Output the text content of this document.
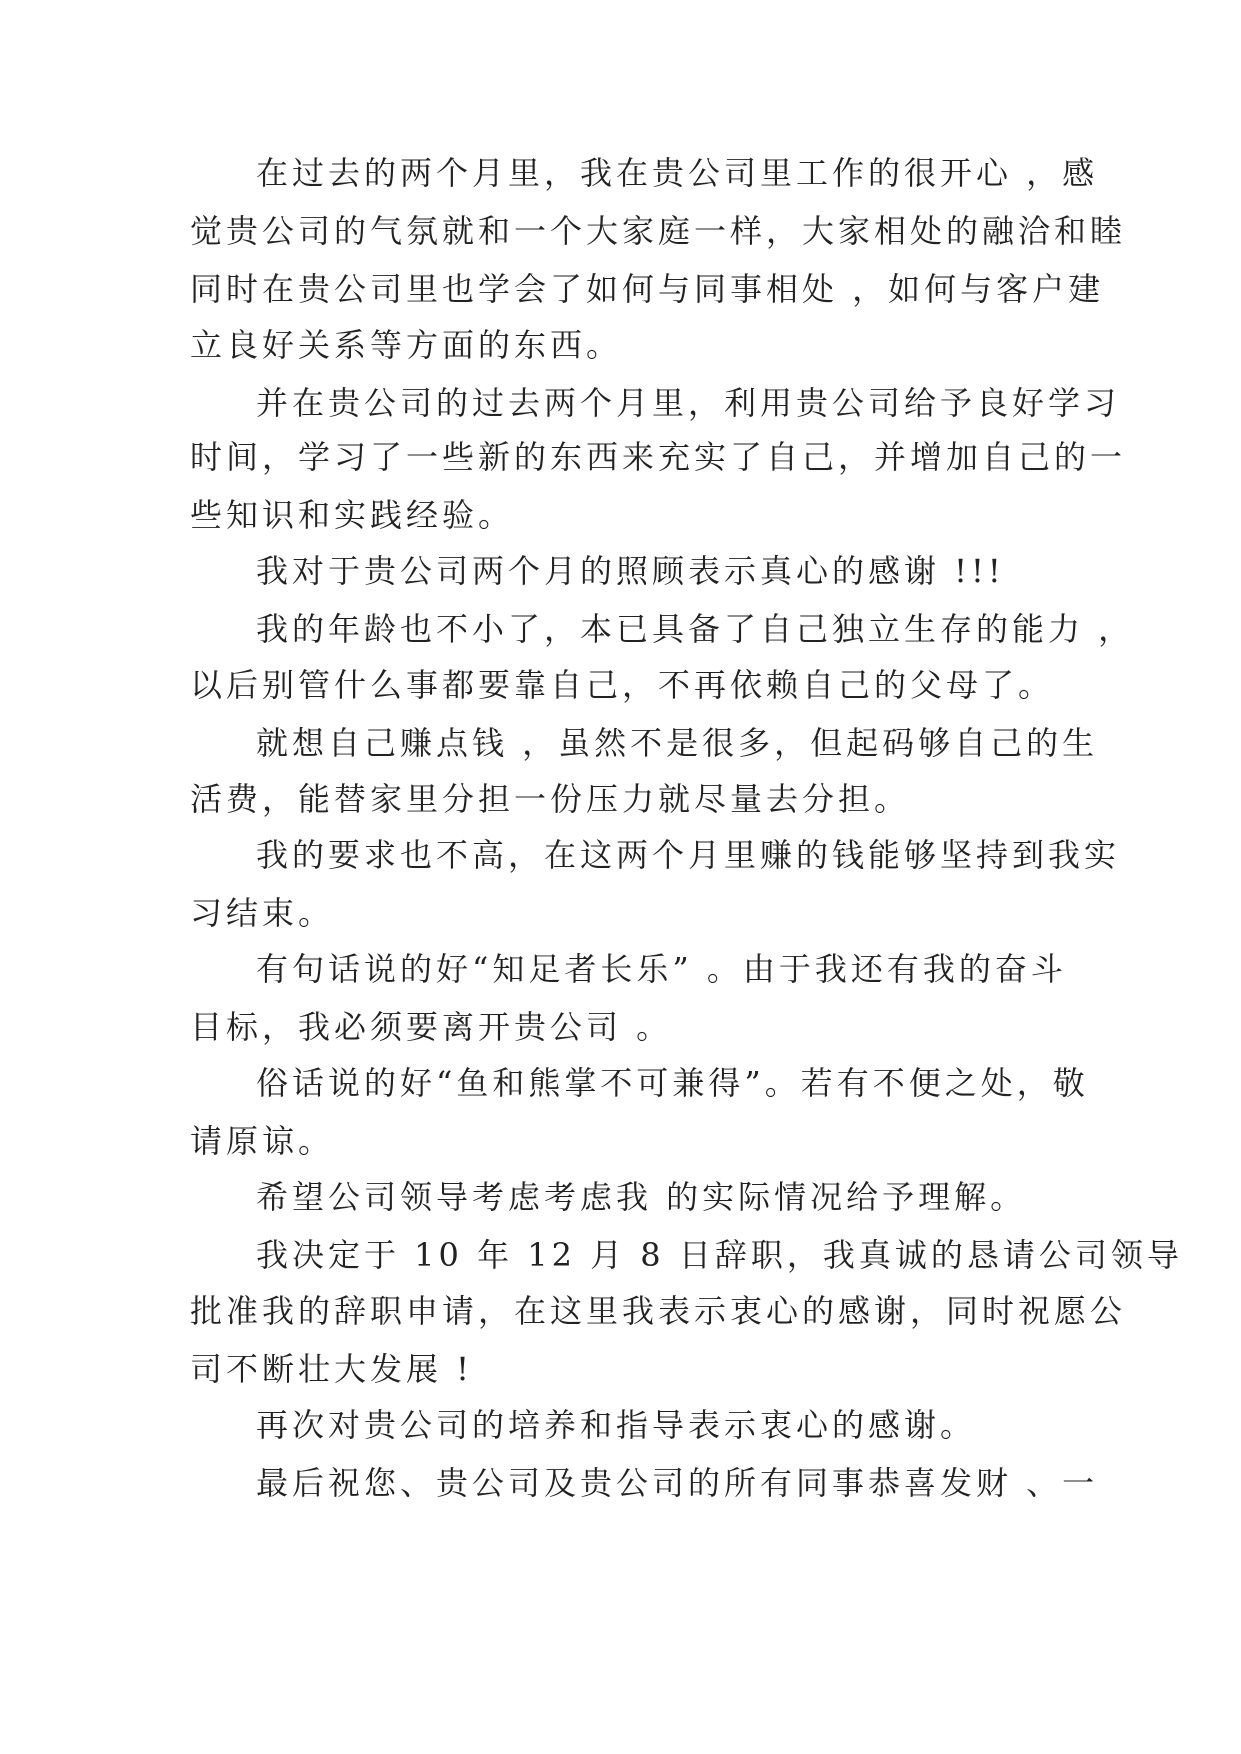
在过去的两个月里，我在贵公司里工作的很开心 ，感

觉贵公司的气氛就和一个大家庭一样，大家相处的融洽和睦

同时在贵公司里也学会了如何与同事相处 ，如何与客户建

立良好关系等方面的东西。

并在贵公司的过去两个月里，利用贵公司给予良好学习

时间，学习了一些新的东西来充实了自己，并增加自己的一

些知识和实践经验。

我对于贵公司两个月的照顾表示真心的感谢 !!!

我的年龄也不小了，本已具备了自己独立生存的能力 ，

以后别管什么事都要靠自己，不再依赖自己的父母了。

就想自己赚点钱 ，虽然不是很多，但起码够自己的生

活费，能替家里分担一份压力就尽量去分担。

我的要求也不高，在这两个月里赚的钱能够坚持到我实

习结束。

有句话说的好“知足者长乐” 。由于我还有我的奋斗

目标，我必须要离开贵公司 。

俗话说的好“鱼和熊掌不可兼得”。若有不便之处，敬

请原谅。

希望公司领导考虑考虑我 的实际情况给予理解。

我决定于 10 年 12 月 8 日辞职，我真诚的恳请公司领导

批准我的辞职申请，在这里我表示衷心的感谢，同时祝愿公

司不断壮大发展 !

再次对贵公司的培养和指导表示衷心的感谢。

最后祝您、贵公司及贵公司的所有同事恭喜发财 、一
